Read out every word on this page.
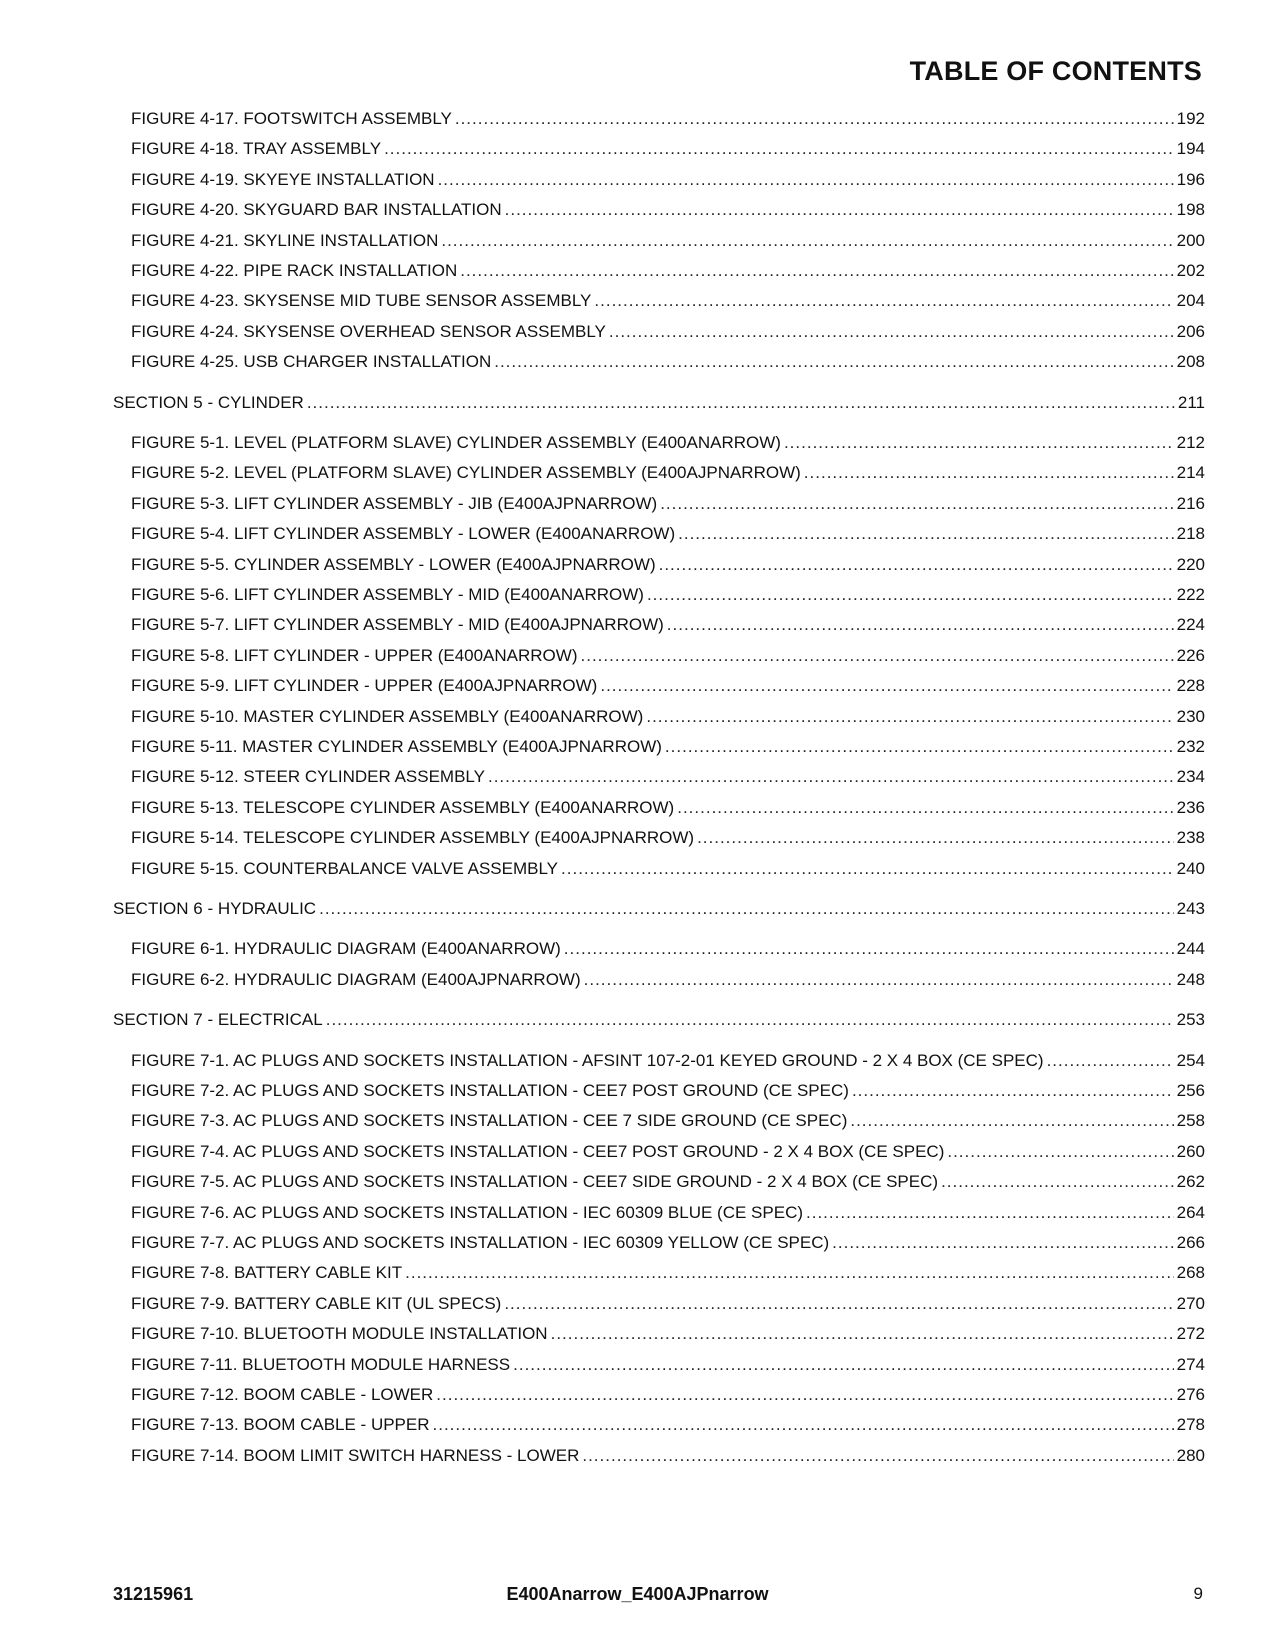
TABLE OF CONTENTS
FIGURE 4-17. FOOTSWITCH ASSEMBLY .....	192
FIGURE 4-18. TRAY ASSEMBLY .....	194
FIGURE 4-19. SKYEYE INSTALLATION .....	196
FIGURE 4-20. SKYGUARD BAR INSTALLATION .....	198
FIGURE 4-21. SKYLINE INSTALLATION .....	200
FIGURE 4-22. PIPE RACK INSTALLATION .....	202
FIGURE 4-23. SKYSENSE MID TUBE SENSOR ASSEMBLY .....	204
FIGURE 4-24. SKYSENSE OVERHEAD SENSOR ASSEMBLY .....	206
FIGURE 4-25. USB CHARGER INSTALLATION .....	208
SECTION 5 - CYLINDER .....	211
FIGURE 5-1. LEVEL (PLATFORM SLAVE) CYLINDER ASSEMBLY (E400ANARROW) .....	212
FIGURE 5-2. LEVEL (PLATFORM SLAVE) CYLINDER ASSEMBLY (E400AJPNARROW) .....	214
FIGURE 5-3. LIFT CYLINDER ASSEMBLY - JIB (E400AJPNARROW) .....	216
FIGURE 5-4. LIFT CYLINDER ASSEMBLY - LOWER (E400ANARROW) .....	218
FIGURE 5-5. CYLINDER ASSEMBLY - LOWER (E400AJPNARROW) .....	220
FIGURE 5-6. LIFT CYLINDER ASSEMBLY - MID (E400ANARROW) .....	222
FIGURE 5-7. LIFT CYLINDER ASSEMBLY - MID (E400AJPNARROW) .....	224
FIGURE 5-8. LIFT CYLINDER - UPPER (E400ANARROW) .....	226
FIGURE 5-9. LIFT CYLINDER - UPPER (E400AJPNARROW) .....	228
FIGURE 5-10. MASTER CYLINDER ASSEMBLY (E400ANARROW) .....	230
FIGURE 5-11. MASTER CYLINDER ASSEMBLY (E400AJPNARROW) .....	232
FIGURE 5-12. STEER CYLINDER ASSEMBLY .....	234
FIGURE 5-13. TELESCOPE CYLINDER ASSEMBLY (E400ANARROW) .....	236
FIGURE 5-14. TELESCOPE CYLINDER ASSEMBLY (E400AJPNARROW) .....	238
FIGURE 5-15. COUNTERBALANCE VALVE ASSEMBLY .....	240
SECTION 6 - HYDRAULIC .....	243
FIGURE 6-1. HYDRAULIC DIAGRAM (E400ANARROW) .....	244
FIGURE 6-2. HYDRAULIC DIAGRAM (E400AJPNARROW) .....	248
SECTION 7 - ELECTRICAL .....	253
FIGURE 7-1. AC PLUGS AND SOCKETS INSTALLATION - AFSINT 107-2-01 KEYED GROUND - 2 X 4 BOX (CE SPEC) .....	254
FIGURE 7-2. AC PLUGS AND SOCKETS INSTALLATION - CEE7 POST GROUND (CE SPEC) .....	256
FIGURE 7-3. AC PLUGS AND SOCKETS INSTALLATION - CEE 7 SIDE GROUND (CE SPEC) .....	258
FIGURE 7-4. AC PLUGS AND SOCKETS INSTALLATION - CEE7 POST GROUND - 2 X 4 BOX (CE SPEC) .....	260
FIGURE 7-5. AC PLUGS AND SOCKETS INSTALLATION - CEE7 SIDE GROUND - 2 X 4 BOX (CE SPEC) .....	262
FIGURE 7-6. AC PLUGS AND SOCKETS INSTALLATION - IEC 60309 BLUE (CE SPEC) .....	264
FIGURE 7-7. AC PLUGS AND SOCKETS INSTALLATION - IEC 60309 YELLOW (CE SPEC) .....	266
FIGURE 7-8. BATTERY CABLE KIT .....	268
FIGURE 7-9. BATTERY CABLE KIT (UL SPECS) .....	270
FIGURE 7-10. BLUETOOTH MODULE INSTALLATION .....	272
FIGURE 7-11. BLUETOOTH MODULE HARNESS .....	274
FIGURE 7-12. BOOM CABLE - LOWER .....	276
FIGURE 7-13. BOOM CABLE - UPPER .....	278
FIGURE 7-14. BOOM LIMIT SWITCH HARNESS - LOWER .....	280
31215961	E400Anarrow_E400AJPnarrow	9
